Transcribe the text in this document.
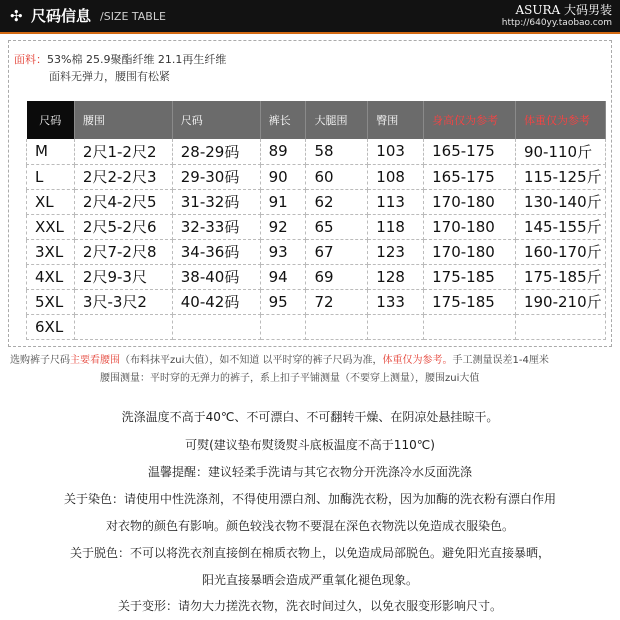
✣ 尺码信息 /SIZE TABLE	ASURA 大码男装
http://640yy.taobao.com
面料：53%棉 25.9聚酯纤维 21.1再生纤维
面料无弹力，腰围有松紧
尺码	腰围	尺码	裤长	大腿围	臀围	身高仅为参考	体重仅为参考
M	2尺1-2尺2	28-29码	89	58	103	165-175	90-110斤
L	2尺2-2尺3	29-30码	90	60	108	165-175	115-125斤
XL	2尺4-2尺5	31-32码	91	62	113	170-180	130-140斤
XXL	2尺5-2尺6	32-33码	92	65	118	170-180	145-155斤
3XL	2尺7-2尺8	34-36码	93	67	123	170-180	160-170斤
4XL	2尺9-3尺	38-40码	94	69	128	175-185	175-185斤
5XL	3尺-3尺2	40-42码	95	72	133	175-185	190-210斤
6XL							
选购裤子尺码主要看腰围（布料抹平zui大值），如不知道 以平时穿的裤子尺码为准，体重仅为参考。手工测量误差1-4厘米
腰围测量：平时穿的无弹力的裤子，系上扣子平铺测量（不要穿上测量），腰围zui大值
洗涤温度不高于40℃、不可漂白、不可翻转干燥、在阴凉处悬挂晾干。
可熨(建议垫布熨烫熨斗底板温度不高于110℃)
温馨提醒：建议轻柔手洗请与其它衣物分开洗涤冷水反面洗涤
关于染色：请使用中性洗涤剂，不得使用漂白剂、加酶洗衣粉，因为加酶的洗衣粉有漂白作用
对衣物的颜色有影响。颜色较浅衣物不要混在深色衣物洗以免造成衣服染色。
关于脱色：不可以将洗衣剂直接倒在棉质衣物上，以免造成局部脱色。避免阳光直接暴晒，
阳光直接暴晒会造成严重氧化褪色现象。
关于变形：请勿大力搓洗衣物，洗衣时间过久，以免衣服变形影响尺寸。
